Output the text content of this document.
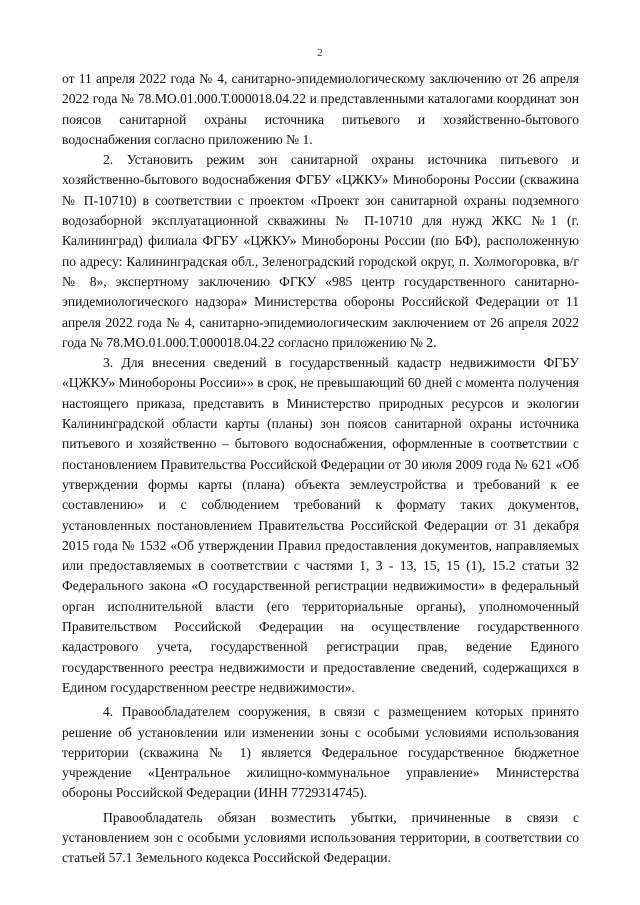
2

от 11 апреля 2022 года № 4, санитарно-эпидемиологическому заключению от 26 апреля 2022 года № 78.МО.01.000.Т.000018.04.22 и представленными каталогами координат зон поясов санитарной охраны источника питьевого и хозяйственно-бытового водоснабжения согласно приложению № 1.

2. Установить режим зон санитарной охраны источника питьевого и хозяйственно-бытового водоснабжения ФГБУ «ЦЖКУ» Минобороны России (скважина № П-10710) в соответствии с проектом «Проект зон санитарной охраны подземного водозаборной эксплуатационной скважины № П-10710 для нужд ЖКС №1 (г. Калининград) филиала ФГБУ «ЦЖКУ» Минобороны России (по БФ), расположенную по адресу: Калининградская обл., Зеленоградский городской округ, п. Холмогоровка, в/г № 8», экспертному заключению ФГКУ «985 центр государственного санитарно- эпидемиологического надзора» Министерства обороны Российской Федерации от 11 апреля 2022 года № 4, санитарно-эпидемиологическим заключением от 26 апреля 2022 года № 78.МО.01.000.Т.000018.04.22 согласно приложению № 2.

3. Для внесения сведений в государственный кадастр недвижимости ФГБУ «ЦЖКУ» Минобороны России»» в срок, не превышающий 60 дней с момента получения настоящего приказа, представить в Министерство природных ресурсов и экологии Калининградской области карты (планы) зон поясов санитарной охраны источника питьевого и хозяйственно – бытового водоснабжения, оформленные в соответствии с постановлением Правительства Российской Федерации от 30 июля 2009 года № 621 «Об утверждении формы карты (плана) объекта землеустройства и требований к ее составлению» и с соблюдением требований к формату таких документов, установленных постановлением Правительства Российской Федерации от 31 декабря 2015 года № 1532 «Об утверждении Правил предоставления документов, направляемых или предоставляемых в соответствии с частями 1, 3 - 13, 15, 15 (1), 15.2 статьи 32 Федерального закона «О государственной регистрации недвижимости» в федеральный орган исполнительной власти (его территориальные органы), уполномоченный Правительством Российской Федерации на осуществление государственного кадастрового учета, государственной регистрации прав, ведение Единого государственного реестра недвижимости и предоставление сведений, содержащихся в Едином государственном реестре недвижимости».

4. Правообладателем сооружения, в связи с размещением которых принято решение об установлении или изменении зоны с особыми условиями использования территории (скважина № 1) является Федеральное государственное бюджетное учреждение «Центральное жилищно-коммунальное управление» Министерства обороны Российской Федерации (ИНН 7729314745).

Правообладатель обязан возместить убытки, причиненные в связи с установлением зон с особыми условиями использования территории, в соответствии со статьей 57.1 Земельного кодекса Российской Федерации.
